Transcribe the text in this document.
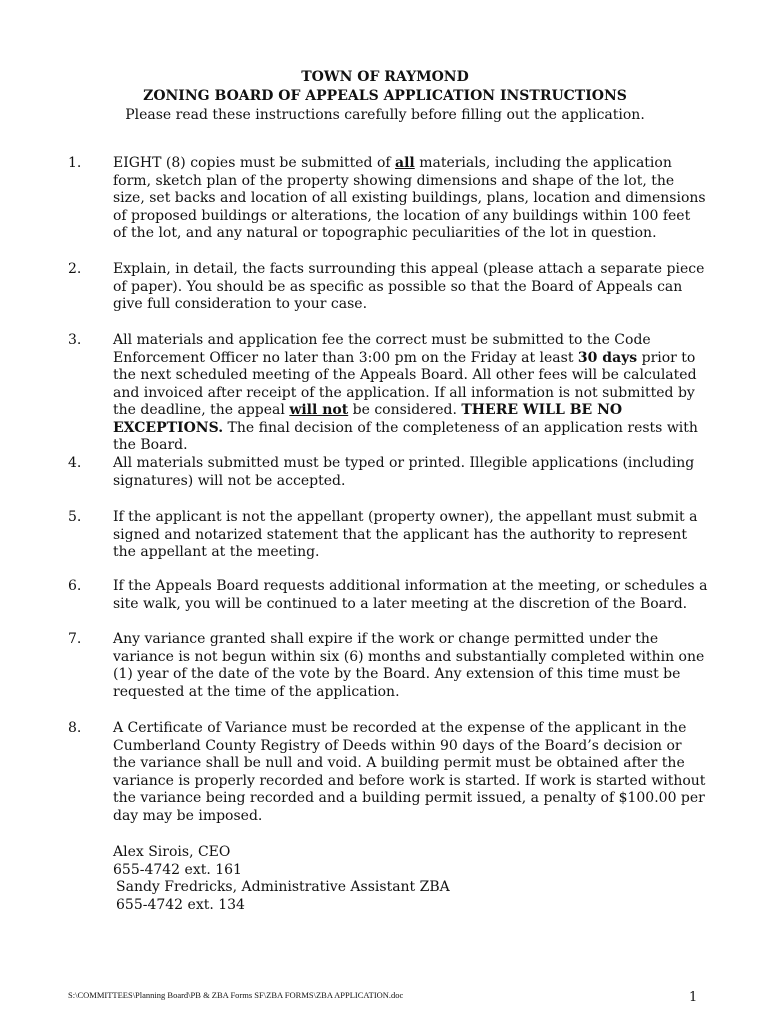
TOWN OF RAYMOND
ZONING BOARD OF APPEALS APPLICATION INSTRUCTIONS
Please read these instructions carefully before filling out the application.
1. EIGHT (8) copies must be submitted of all materials, including the application form, sketch plan of the property showing dimensions and shape of the lot, the size, set backs and location of all existing buildings, plans, location and dimensions of proposed buildings or alterations, the location of any buildings within 100 feet of the lot, and any natural or topographic peculiarities of the lot in question.
2. Explain, in detail, the facts surrounding this appeal (please attach a separate piece of paper). You should be as specific as possible so that the Board of Appeals can give full consideration to your case.
3. All materials and application fee the correct must be submitted to the Code Enforcement Officer no later than 3:00 pm on the Friday at least 30 days prior to the next scheduled meeting of the Appeals Board. All other fees will be calculated and invoiced after receipt of the application. If all information is not submitted by the deadline, the appeal will not be considered. THERE WILL BE NO EXCEPTIONS. The final decision of the completeness of an application rests with the Board.
4. All materials submitted must be typed or printed. Illegible applications (including signatures) will not be accepted.
5. If the applicant is not the appellant (property owner), the appellant must submit a signed and notarized statement that the applicant has the authority to represent the appellant at the meeting.
6. If the Appeals Board requests additional information at the meeting, or schedules a site walk, you will be continued to a later meeting at the discretion of the Board.
7. Any variance granted shall expire if the work or change permitted under the variance is not begun within six (6) months and substantially completed within one (1) year of the date of the vote by the Board. Any extension of this time must be requested at the time of the application.
8. A Certificate of Variance must be recorded at the expense of the applicant in the Cumberland County Registry of Deeds within 90 days of the Board’s decision or the variance shall be null and void. A building permit must be obtained after the variance is properly recorded and before work is started. If work is started without the variance being recorded and a building permit issued, a penalty of $100.00 per day may be imposed.
Alex Sirois, CEO
655-4742 ext. 161
Sandy Fredricks, Administrative Assistant ZBA
655-4742 ext. 134
S:\COMMITTEES\Planning Board\PB & ZBA Forms SF\ZBA FORMS\ZBA APPLICATION.doc	1
